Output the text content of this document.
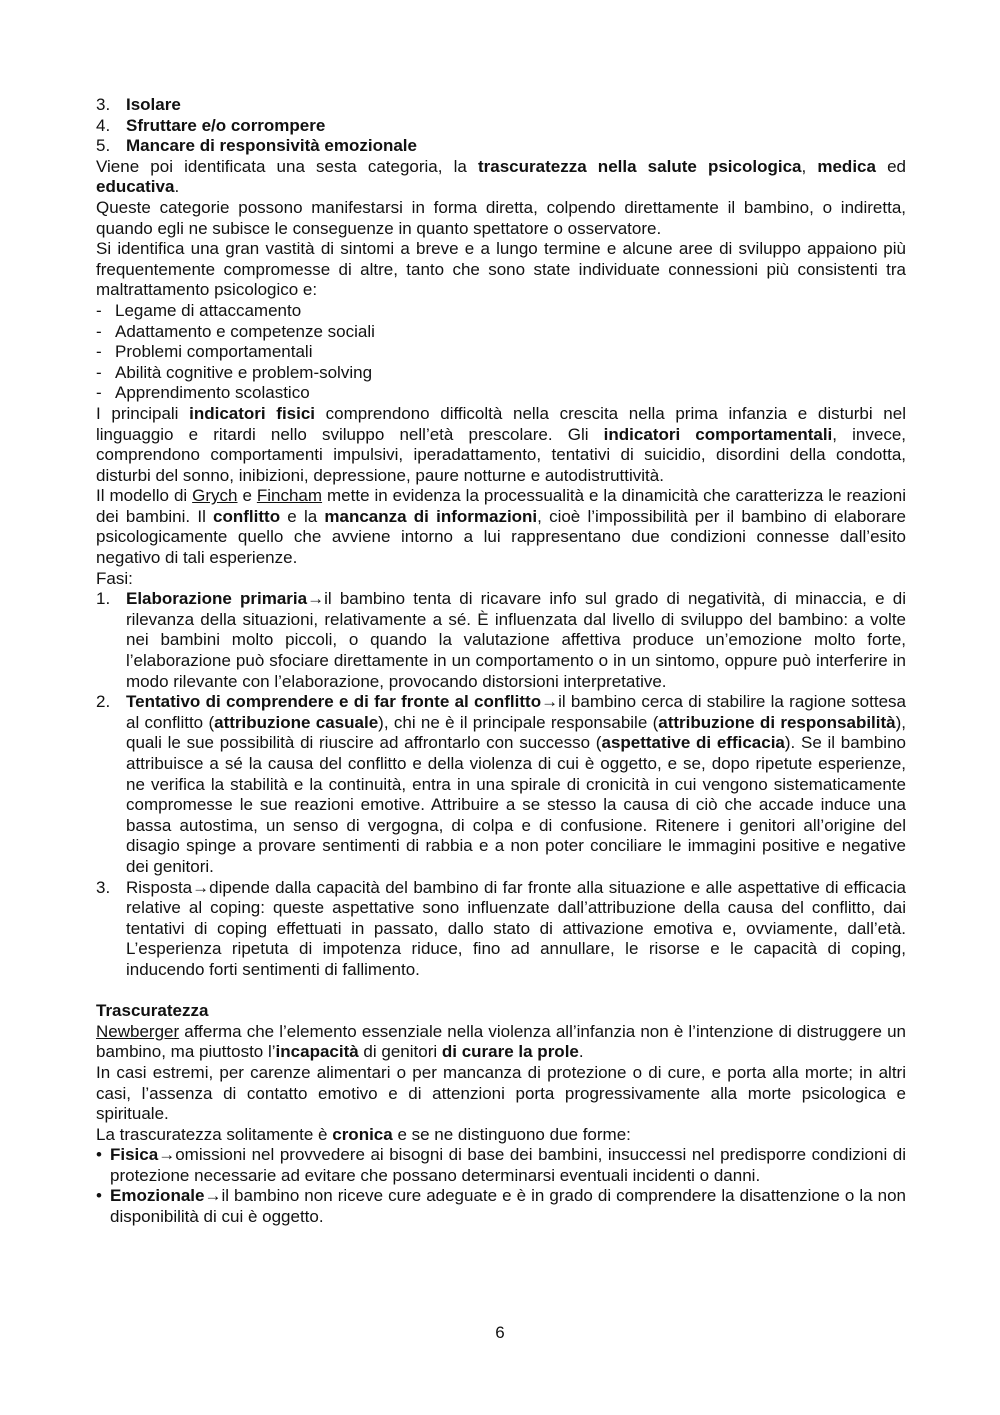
3. Isolare
4. Sfruttare e/o corrompere
5. Mancare di responsività emozionale

Viene poi identificata una sesta categoria, la trascuratezza nella salute psicologica, medica ed educativa.

Queste categorie possono manifestarsi in forma diretta, colpendo direttamente il bambino, o indiretta, quando egli ne subisce le conseguenze in quanto spettatore o osservatore.

Si identifica una gran vastità di sintomi a breve e a lungo termine e alcune aree di sviluppo appaiono più frequentemente compromesse di altre, tanto che sono state individuate connessioni più consistenti tra maltrattamento psicologico e:

- Legame di attaccamento
- Adattamento e competenze sociali
- Problemi comportamentali
- Abilità cognitive e problem-solving
- Apprendimento scolastico

I principali indicatori fisici comprendono difficoltà nella crescita nella prima infanzia e disturbi nel linguaggio e ritardi nello sviluppo nell’età prescolare. Gli indicatori comportamentali, invece, comprendono comportamenti impulsivi, iperadattamento, tentativi di suicidio, disordini della condotta, disturbi del sonno, inibizioni, depressione, paure notturne e autodistruttività.

Il modello di Grych e Fincham mette in evidenza la processualità e la dinamicità che caratterizza le reazioni dei bambini. Il conflitto e la mancanza di informazioni, cioè l’impossibilità per il bambino di elaborare psicologicamente quello che avviene intorno a lui rappresentano due condizioni connesse dall’esito negativo di tali esperienze.

Fasi:

1. Elaborazione primaria→il bambino tenta di ricavare info sul grado di negatività, di minaccia, e di rilevanza della situazioni, relativamente a sé. È influenzata dal livello di sviluppo del bambino: a volte nei bambini molto piccoli, o quando la valutazione affettiva produce un’emozione molto forte, l’elaborazione può sfociare direttamente in un comportamento o in un sintomo, oppure può interferire in modo rilevante con l’elaborazione, provocando distorsioni interpretative.
2. Tentativo di comprendere e di far fronte al conflitto→il bambino cerca di stabilire la ragione sottesa al conflitto (attribuzione casuale), chi ne è il principale responsabile (attribuzione di responsabilità), quali le sue possibilità di riuscire ad affrontarlo con successo (aspettative di efficacia). Se il bambino attribuisce a sé la causa del conflitto e della violenza di cui è oggetto, e se, dopo ripetute esperienze, ne verifica la stabilità e la continuità, entra in una spirale di cronicità in cui vengono sistematicamente compromesse le sue reazioni emotive. Attribuire a se stesso la causa di ciò che accade induce una bassa autostima, un senso di vergogna, di colpa e di confusione. Ritenere i genitori all’origine del disagio spinge a provare sentimenti di rabbia e a non poter conciliare le immagini positive e negative dei genitori.
3. Risposta→dipende dalla capacità del bambino di far fronte alla situazione e alle aspettative di efficacia relative al coping: queste aspettative sono influenzate dall’attribuzione della causa del conflitto, dai tentativi di coping effettuati in passato, dallo stato di attivazione emotiva e, ovviamente, dall’età. L’esperienza ripetuta di impotenza riduce, fino ad annullare, le risorse e le capacità di coping, inducendo forti sentimenti di fallimento.

Trascuratezza

Newberger afferma che l’elemento essenziale nella violenza all’infanzia non è l’intenzione di distruggere un bambino, ma piuttosto l’incapacità di genitori di curare la prole.

In casi estremi, per carenze alimentari o per mancanza di protezione o di cure, e porta alla morte; in altri casi, l’assenza di contatto emotivo e di attenzioni porta progressivamente alla morte psicologica e spirituale.

La trascuratezza solitamente è cronica e se ne distinguono due forme:

• Fisica→omissioni nel provvedere ai bisogni di base dei bambini, insuccessi nel predisporre condizioni di protezione necessarie ad evitare che possano determinarsi eventuali incidenti o danni.
• Emozionale→il bambino non riceve cure adeguate e è in grado di comprendere la disattenzione o la non disponibilità di cui è oggetto.
6
